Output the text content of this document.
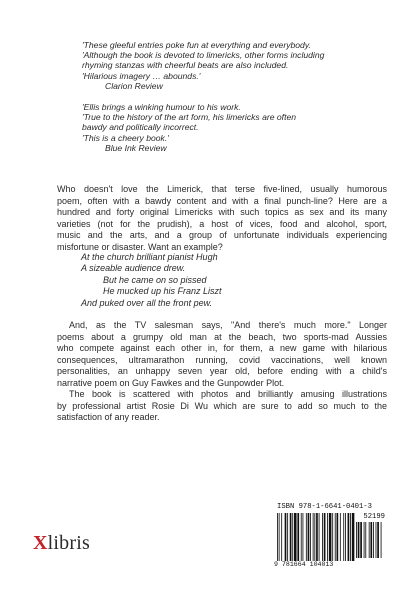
'These gleeful entries poke fun at everything and everybody.
'Although the book is devoted to limericks, other forms including
rhyming stanzas with cheerful beats are also included.
'Hilarious imagery … abounds.'
Clarion Review
'Ellis brings a winking humour to his work.
'True to the history of the art form, his limericks are often
bawdy and politically incorrect.
'This is a cheery book.'
Blue Ink Review
Who doesn't love the Limerick, that terse five-lined, usually humorous
poem, often with a bawdy content and with a final punch-line? Here are a
hundred and forty original Limericks with such topics as sex and its many
varieties (not for the prudish), a host of vices, food and alcohol, sport,
music and the arts, and a group of unfortunate individuals experiencing
misfortune or disaster. Want an example?
At the church brilliant pianist Hugh
A sizeable audience drew.
But he came on so pissed
He mucked up his Franz Liszt
And puked over all the front pew.
And, as the TV salesman says, "And there's much more." Longer
poems about a grumpy old man at the beach, two sports-mad Aussies
who compete against each other in, for them, a new game with hilarious
consequences, ultramarathon running, covid vaccinations, well known
personalities, an unhappy seven year old, before ending with a child's
narrative poem on Guy Fawkes and the Gunpowder Plot.
The book is scattered with photos and brilliantly amusing illustrations
by professional artist Rosie Di Wu which are sure to add so much to the
satisfaction of any reader.
Xlibris
ISBN 978-1-6641-0401-3
52199
9 781664 104013
